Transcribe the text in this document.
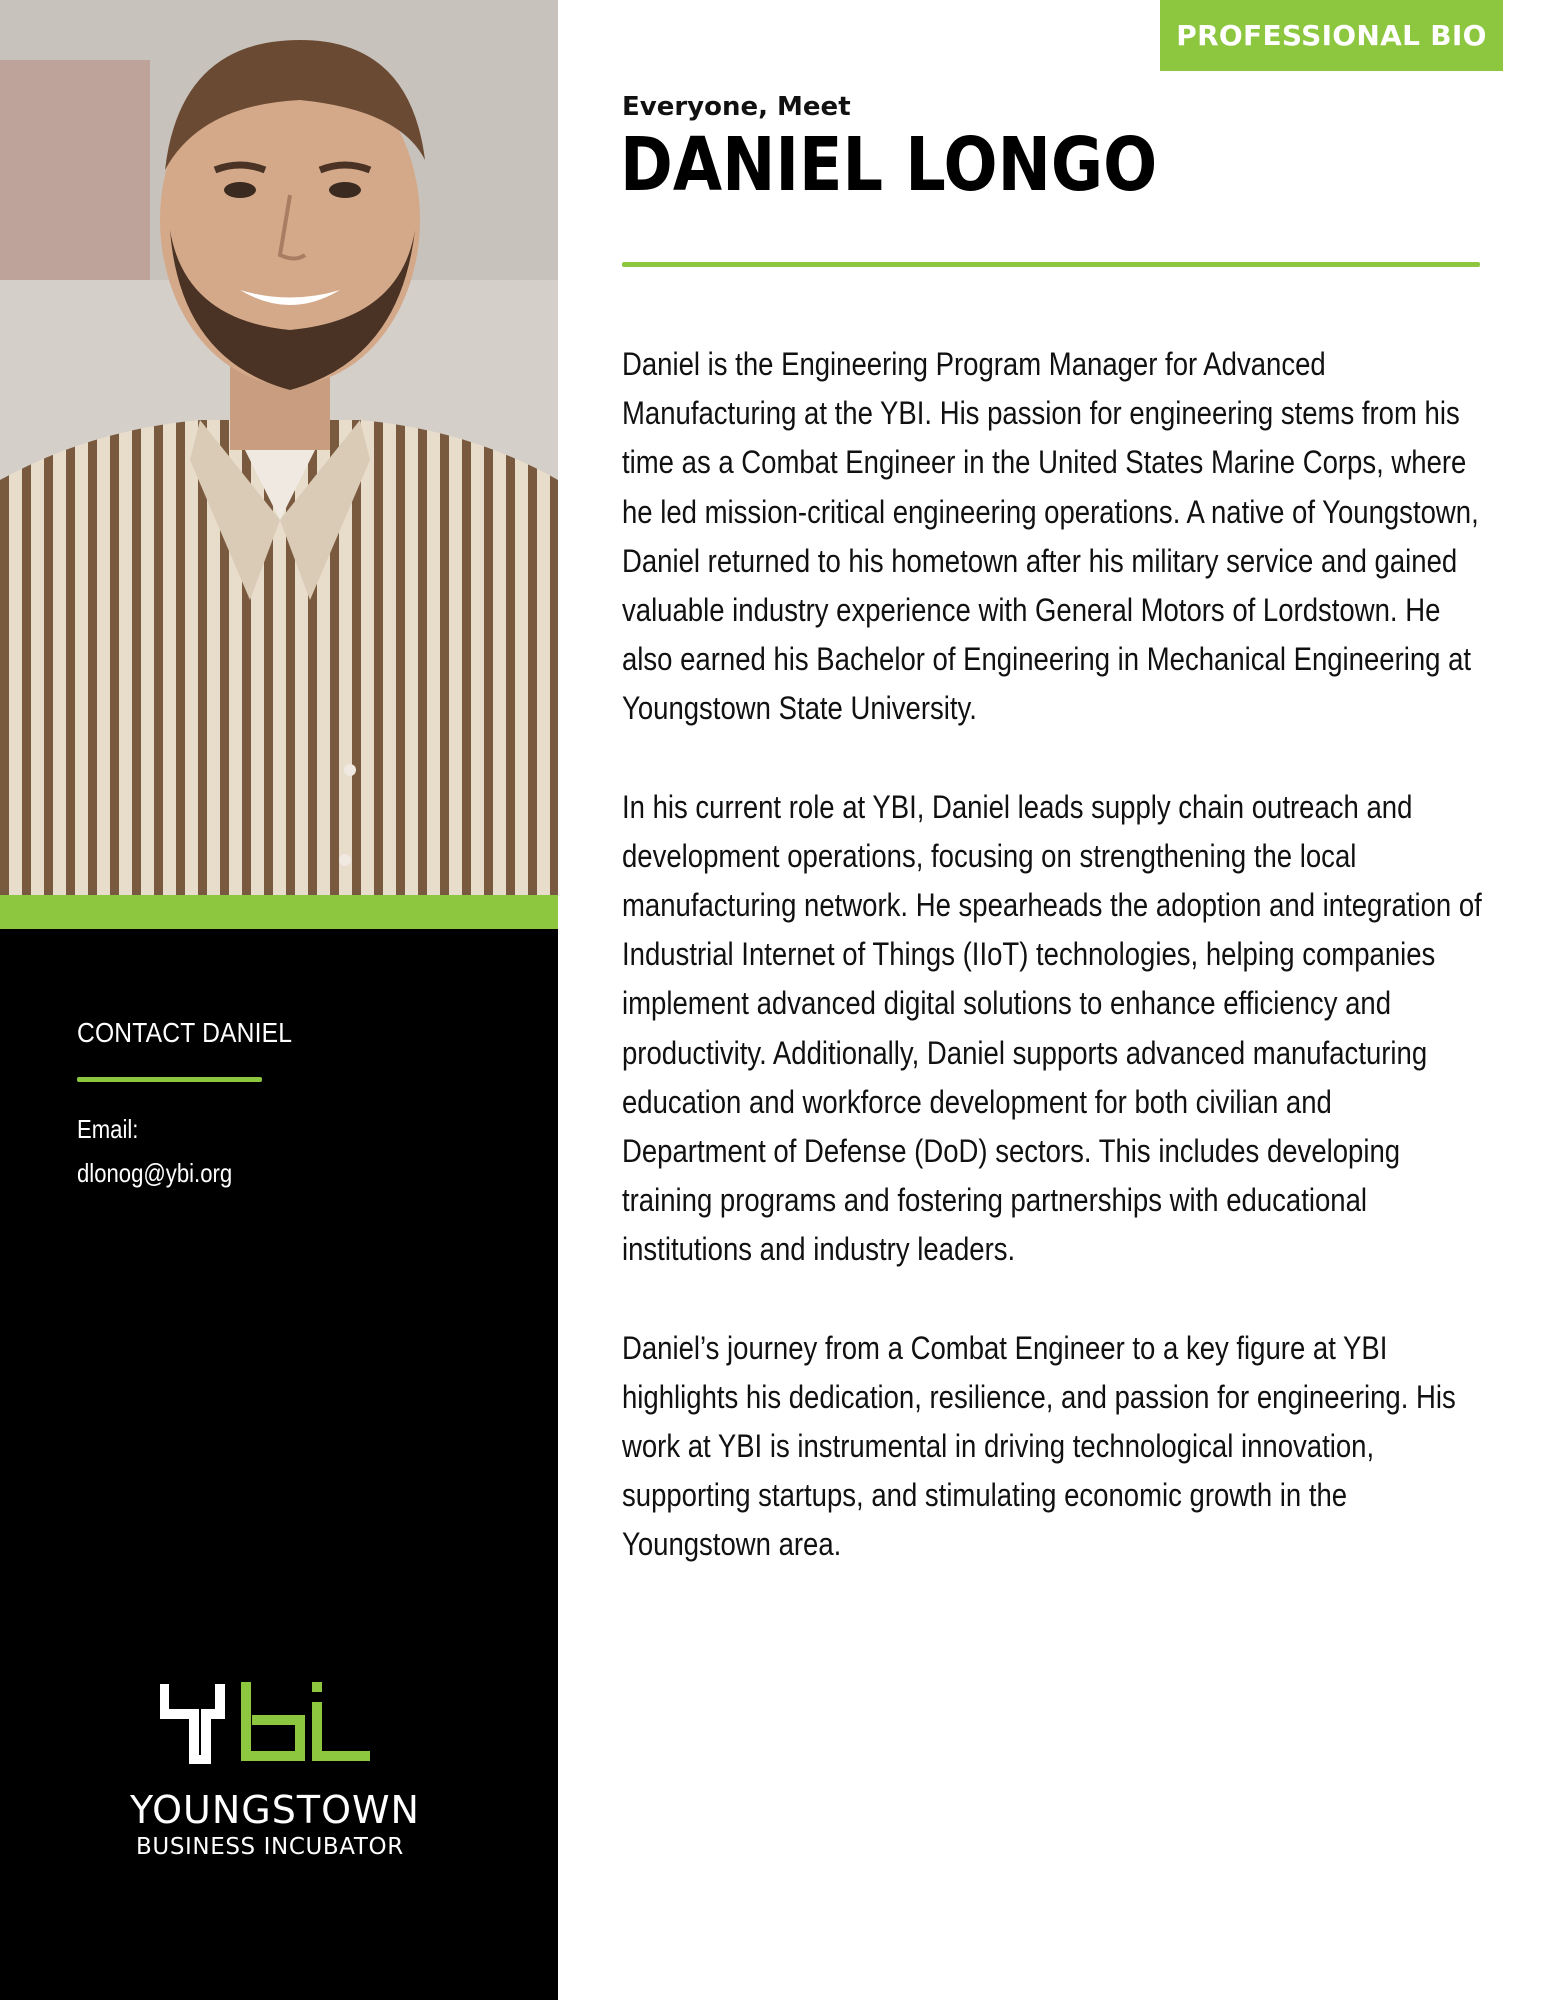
CONTACT DANIEL
Email:
dlonog@ybi.org
YOUNGSTOWN
BUSINESS INCUBATOR
PROFESSIONAL BIO
Everyone, Meet
DANIEL LONGO

Daniel is the Engineering Program Manager for Advanced Manufacturing at the YBI. His passion for engineering stems from his time as a Combat Engineer in the United States Marine Corps, where he led mission-critical engineering operations. A native of Youngstown, Daniel returned to his hometown after his military service and gained valuable industry experience with General Motors of Lordstown. He also earned his Bachelor of Engineering in Mechanical Engineering at Youngstown State University.

In his current role at YBI, Daniel leads supply chain outreach and development operations, focusing on strengthening the local manufacturing network. He spearheads the adoption and integration of Industrial Internet of Things (IIoT) technologies, helping companies implement advanced digital solutions to enhance efficiency and productivity. Additionally, Daniel supports advanced manufacturing education and workforce development for both civilian and Department of Defense (DoD) sectors. This includes developing training programs and fostering partnerships with educational institutions and industry leaders.

Daniel’s journey from a Combat Engineer to a key figure at YBI highlights his dedication, resilience, and passion for engineering. His work at YBI is instrumental in driving technological innovation, supporting startups, and stimulating economic growth in the Youngstown area.
